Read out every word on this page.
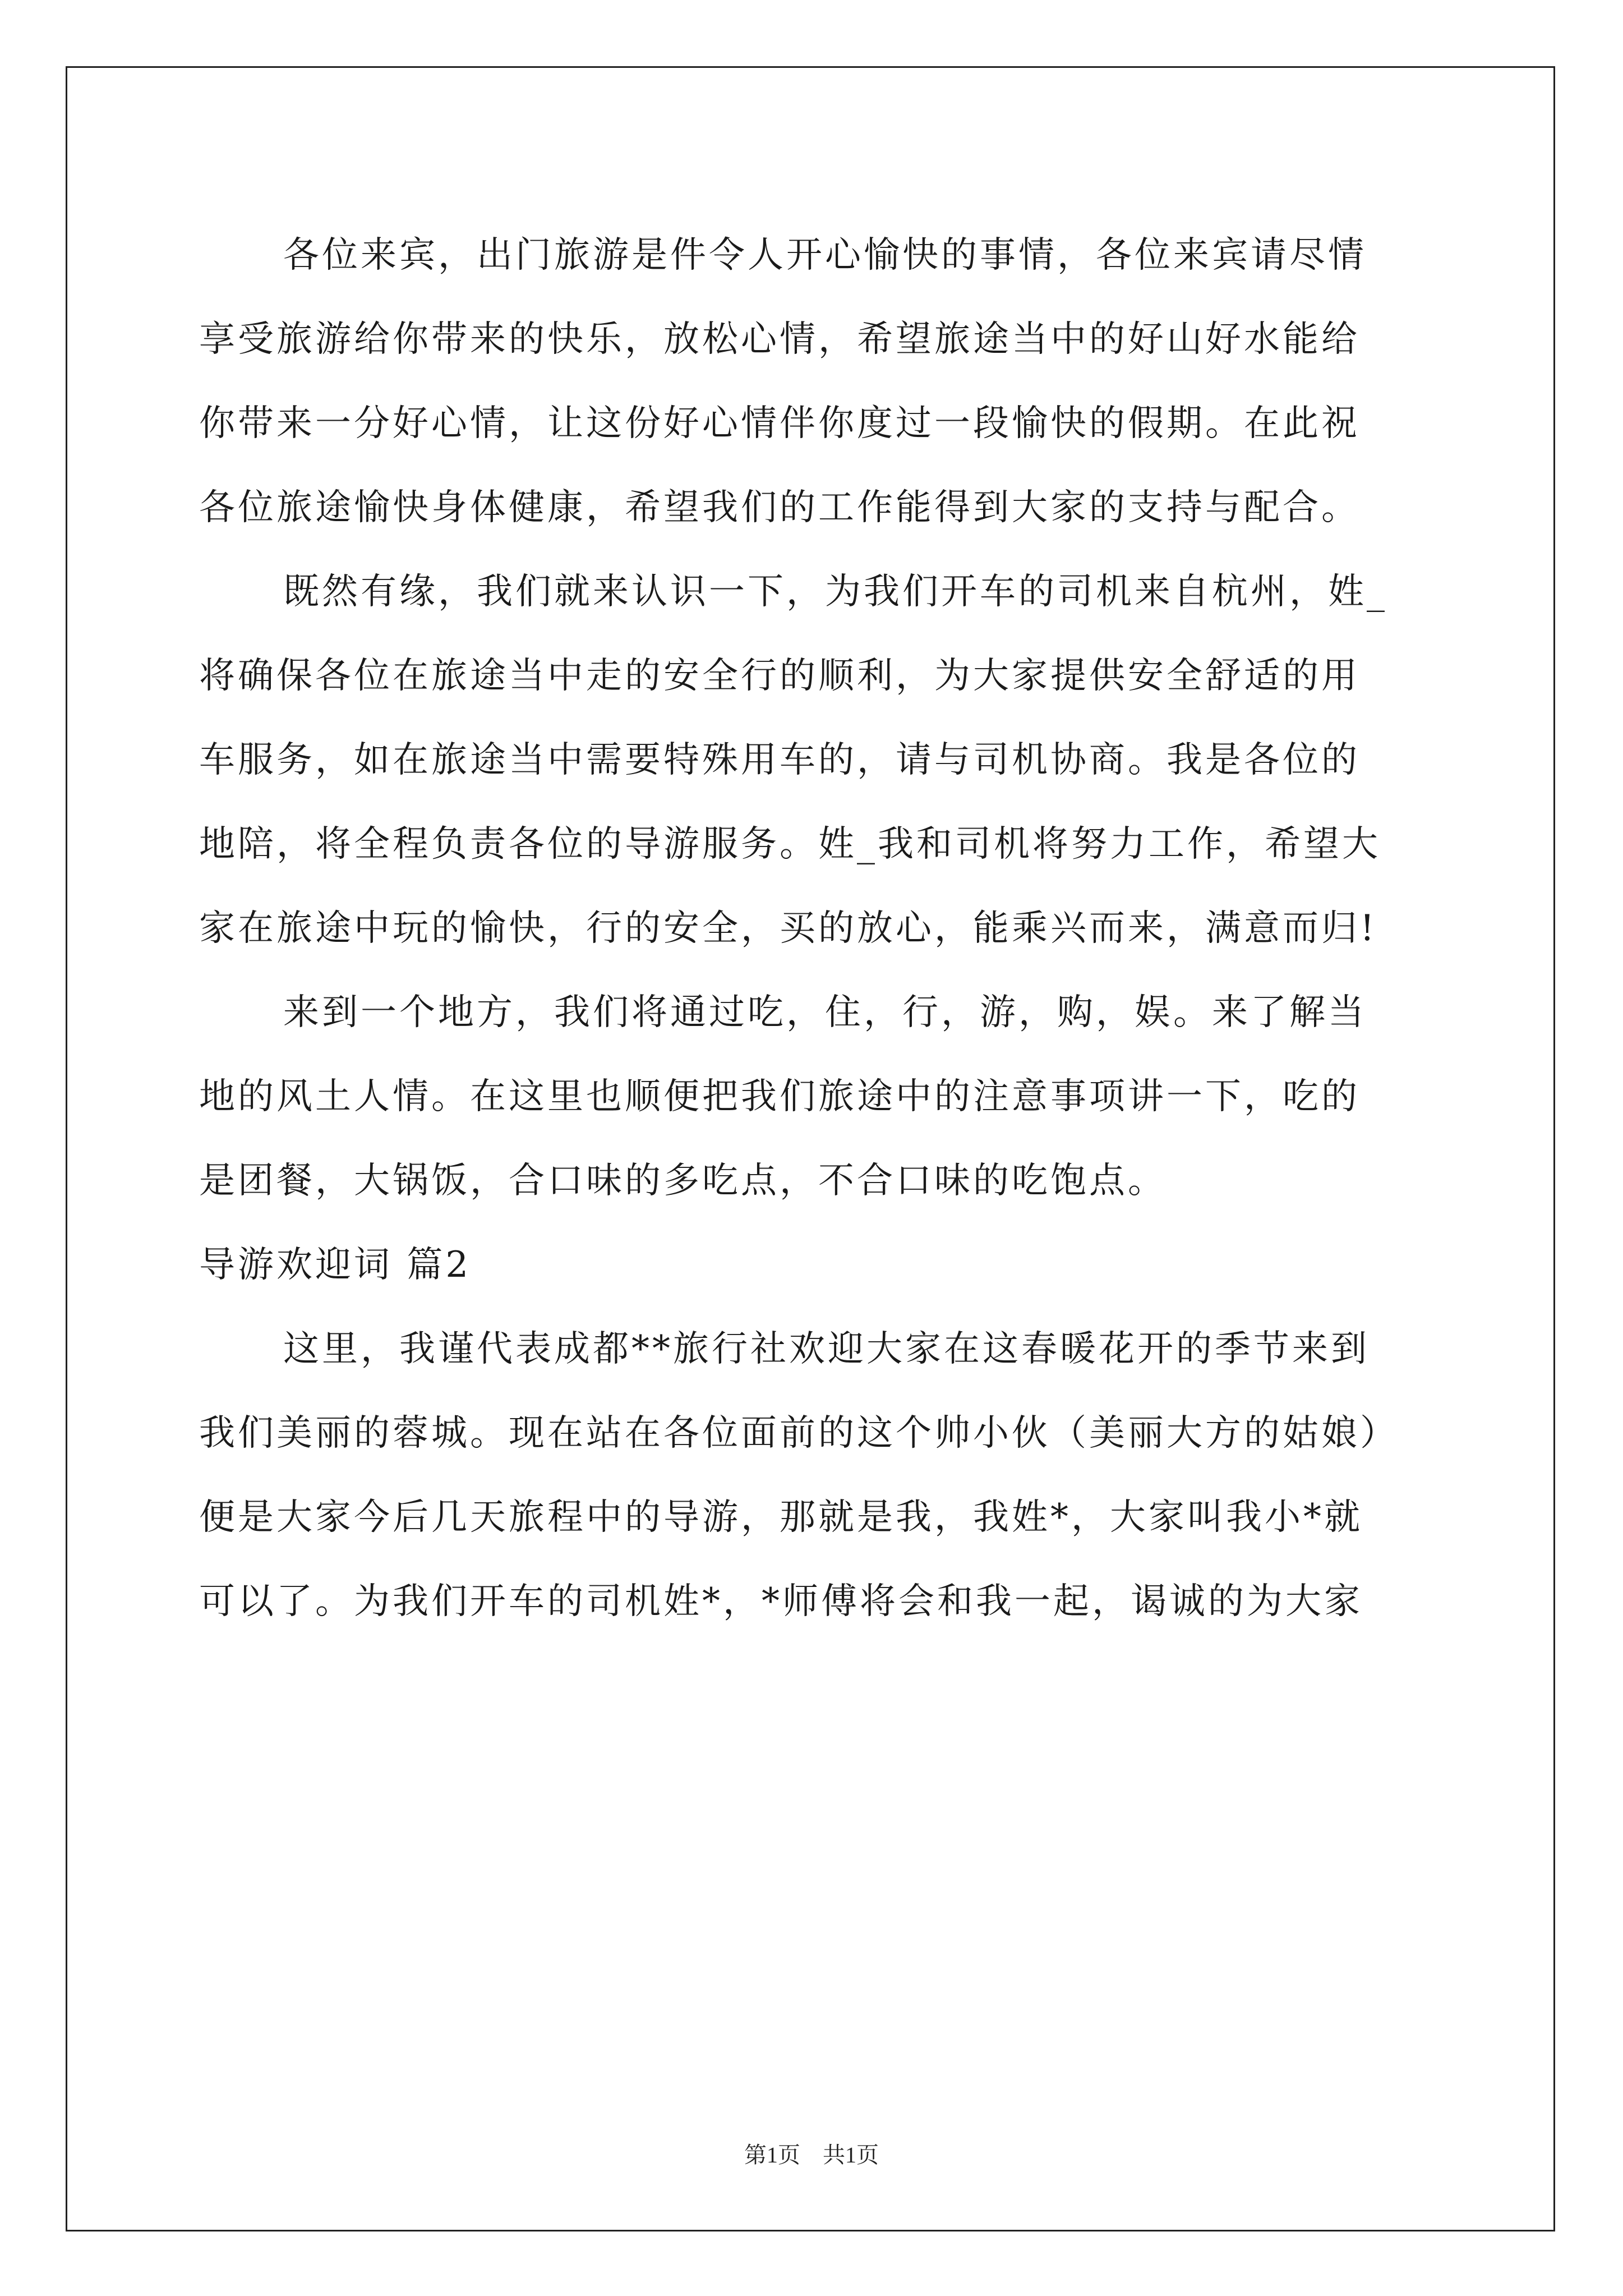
各位来宾，出门旅游是件令人开心愉快的事情，各位来宾请尽情
享受旅游给你带来的快乐，放松心情，希望旅途当中的好山好水能给
你带来一分好心情，让这份好心情伴你度过一段愉快的假期。在此祝
各位旅途愉快身体健康，希望我们的工作能得到大家的支持与配合。
既然有缘，我们就来认识一下，为我们开车的司机来自杭州，姓_
将确保各位在旅途当中走的安全行的顺利，为大家提供安全舒适的用
车服务，如在旅途当中需要特殊用车的，请与司机协商。我是各位的
地陪，将全程负责各位的导游服务。姓_我和司机将努力工作，希望大
家在旅途中玩的愉快，行的安全，买的放心，能乘兴而来，满意而归!
来到一个地方，我们将通过吃，住，行，游，购，娱。来了解当
地的风土人情。在这里也顺便把我们旅途中的注意事项讲一下，吃的
是团餐，大锅饭，合口味的多吃点，不合口味的吃饱点。
导游欢迎词 篇2
这里，我谨代表成都**旅行社欢迎大家在这春暖花开的季节来到
我们美丽的蓉城。现在站在各位面前的这个帅小伙（美丽大方的姑娘）
便是大家今后几天旅程中的导游，那就是我，我姓*，大家叫我小*就
可以了。为我们开车的司机姓*，*师傅将会和我一起，谒诚的为大家
第1页　共1页
